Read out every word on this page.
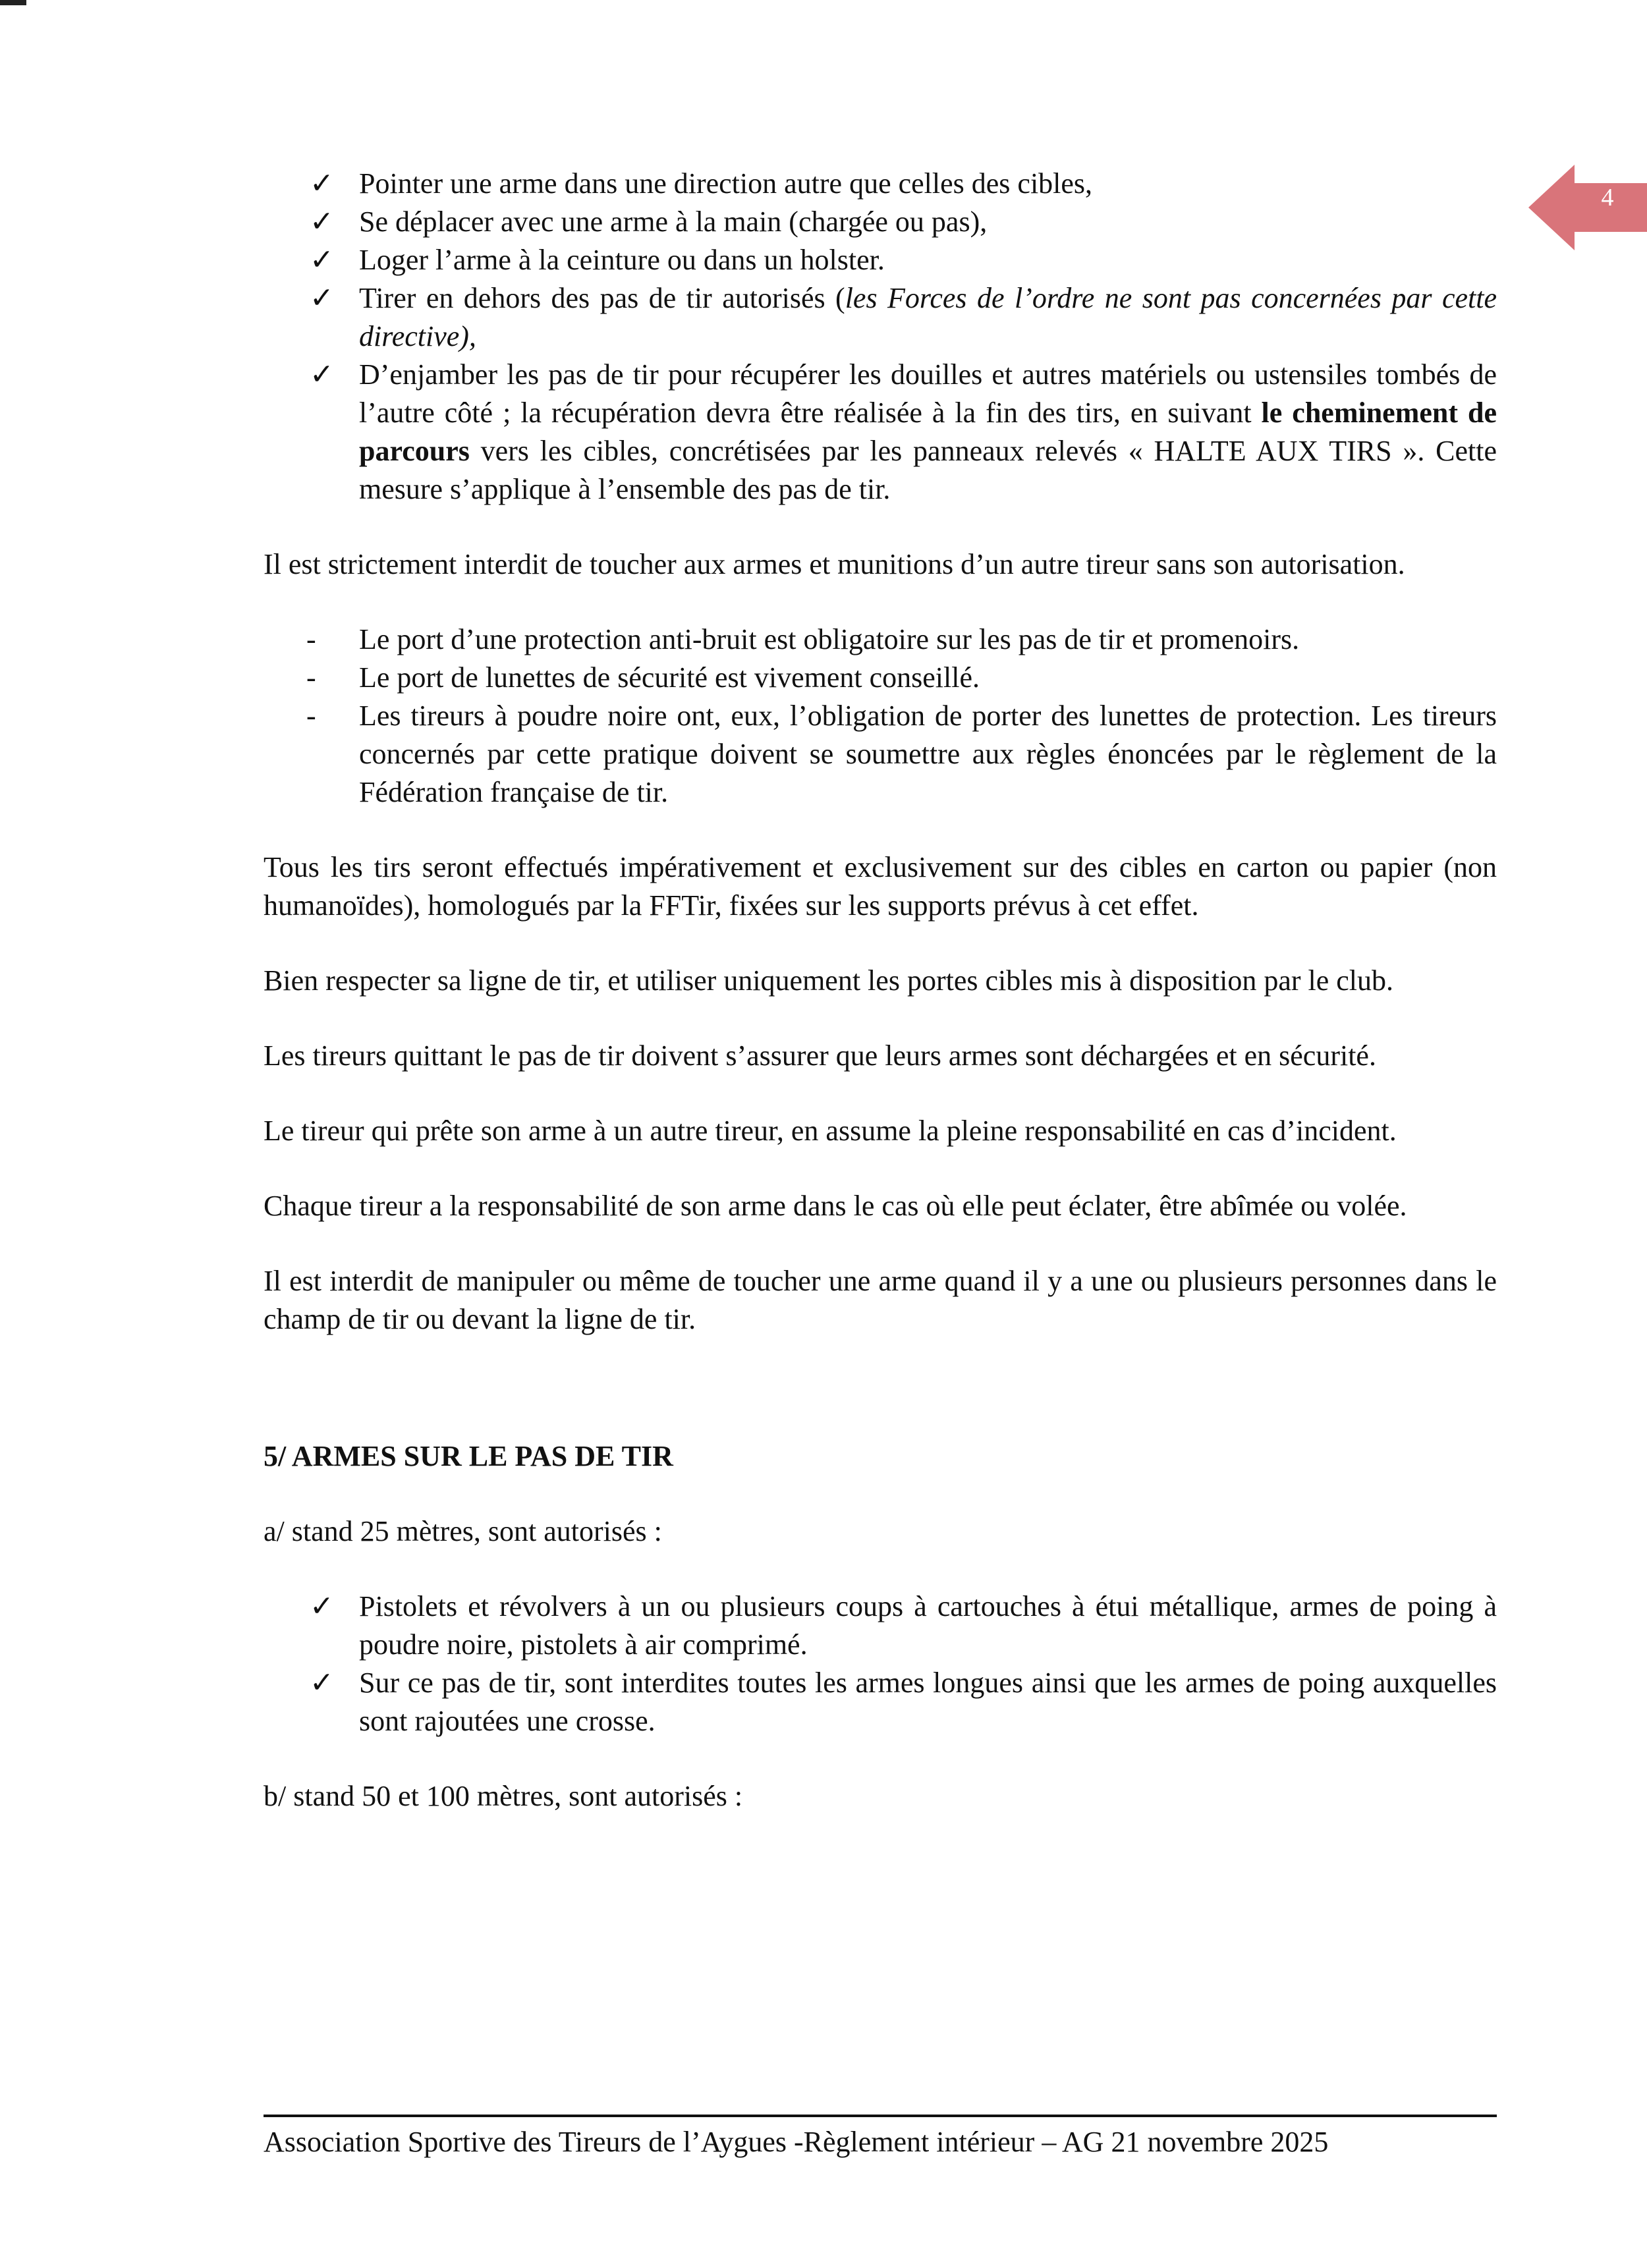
4
✓ Pointer une arme dans une direction autre que celles des cibles,
✓ Se déplacer avec une arme à la main (chargée ou pas),
✓ Loger l’arme à la ceinture ou dans un holster.
✓ Tirer en dehors des pas de tir autorisés (les Forces de l’ordre ne sont pas concernées par cette directive),
✓ D’enjamber les pas de tir pour récupérer les douilles et autres matériels ou ustensiles tombés de l’autre côté ; la récupération devra être réalisée à la fin des tirs, en suivant le cheminement de parcours vers les cibles, concrétisées par les panneaux relevés « HALTE AUX TIRS ». Cette mesure s’applique à l’ensemble des pas de tir.

Il est strictement interdit de toucher aux armes et munitions d’un autre tireur sans son autorisation.

-	Le port d’une protection anti-bruit est obligatoire sur les pas de tir et promenoirs.
-	Le port de lunettes de sécurité est vivement conseillé.
-	Les tireurs à poudre noire ont, eux, l’obligation de porter des lunettes de protection. Les tireurs concernés par cette pratique doivent se soumettre aux règles énoncées par le règlement de la Fédération française de tir.

Tous les tirs seront effectués impérativement et exclusivement sur des cibles en carton ou papier (non humanoïdes), homologués par la FFTir, fixées sur les supports prévus à cet effet.

Bien respecter sa ligne de tir, et utiliser uniquement les portes cibles mis à disposition par le club.

Les tireurs quittant le pas de tir doivent s’assurer que leurs armes sont déchargées et en sécurité.

Le tireur qui prête son arme à un autre tireur, en assume la pleine responsabilité en cas d’incident.

Chaque tireur a la responsabilité de son arme dans le cas où elle peut éclater, être abîmée ou volée.

Il est interdit de manipuler ou même de toucher une arme quand il y a une ou plusieurs personnes dans le champ de tir ou devant la ligne de tir.

5/ ARMES SUR LE PAS DE TIR

a/ stand 25 mètres, sont autorisés :

✓ Pistolets et révolvers à un ou plusieurs coups à cartouches à étui métallique, armes de poing à poudre noire, pistolets à air comprimé.
✓ Sur ce pas de tir, sont interdites toutes les armes longues ainsi que les armes de poing auxquelles sont rajoutées une crosse.

b/ stand 50 et 100 mètres, sont autorisés :

Association Sportive des Tireurs de l’Aygues -Règlement intérieur – AG 21 novembre 2025
